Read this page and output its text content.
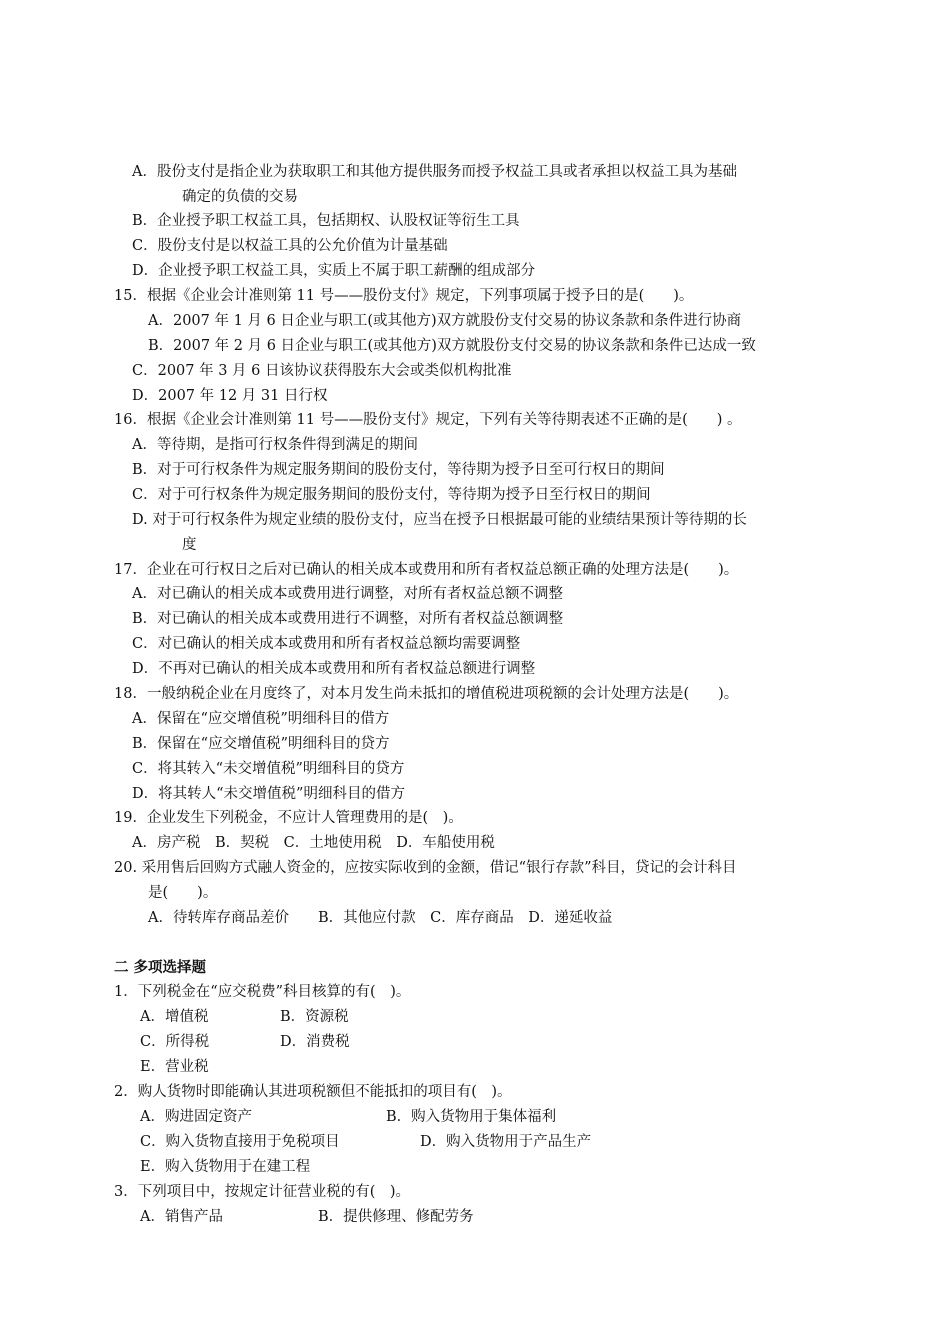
A．股份支付是指企业为获取职工和其他方提供服务而授予权益工具或者承担以权益工具为基础
确定的负债的交易
B．企业授予职工权益工具，包括期权、认股权证等衍生工具
C．股份支付是以权益工具的公允价值为计量基础
D．企业授予职工权益工具，实质上不属于职工薪酬的组成部分
15．根据《企业会计准则第 11 号——股份支付》规定，下列事项属于授予日的是(　　)。
A．2007 年 1 月 6 日企业与职工(或其他方)双方就股份支付交易的协议条款和条件进行协商
B．2007 年 2 月 6 日企业与职工(或其他方)双方就股份支付交易的协议条款和条件已达成一致
C．2007 年 3 月 6 日该协议获得股东大会或类似机构批准
D．2007 年 12 月 31 日行权
16．根据《企业会计准则第 11 号——股份支付》规定，下列有关等待期表述不正确的是(　　) 。
A．等待期，是指可行权条件得到满足的期间
B．对于可行权条件为规定服务期间的股份支付，等待期为授予日至可行权日的期间
C．对于可行权条件为规定服务期间的股份支付，等待期为授予日至行权日的期间
D. 对于可行权条件为规定业绩的股份支付，应当在授予日根据最可能的业绩结果预计等待期的长
度
17．企业在可行权日之后对已确认的相关成本或费用和所有者权益总额正确的处理方法是(　　)。
A．对已确认的相关成本或费用进行调整，对所有者权益总额不调整
B．对已确认的相关成本或费用进行不调整，对所有者权益总额调整
C．对已确认的相关成本或费用和所有者权益总额均需要调整
D．不再对已确认的相关成本或费用和所有者权益总额进行调整
18．一般纳税企业在月度终了，对本月发生尚未抵扣的增值税进项税额的会计处理方法是(　　)。
A．保留在“应交增值税”明细科目的借方
B．保留在“应交增值税”明细科目的贷方
C．将其转入“未交增值税”明细科目的贷方
D．将其转人“未交增值税”明细科目的借方
19．企业发生下列税金，不应计人管理费用的是(　)。
A．房产税　B．契税　C．土地使用税　D．车船使用税
20. 采用售后回购方式融人资金的，应按实际收到的金额，借记“银行存款”科目，贷记的会计科目
是(　　)。
A．待转库存商品差价　　B．其他应付款　C．库存商品　D．递延收益
二 多项选择题
1．下列税金在“应交税费”科目核算的有(　)。
A．增值税	B．资源税
C．所得税	D．消费税
E．营业税
2．购人货物时即能确认其进项税额但不能抵扣的项目有(　)。
A．购进固定资产	B．购入货物用于集体福利
C．购入货物直接用于免税项目	D．购入货物用于产品生产
E．购入货物用于在建工程
3．下列项目中，按规定计征营业税的有(　)。
A．销售产品	B．提供修理、修配劳务
